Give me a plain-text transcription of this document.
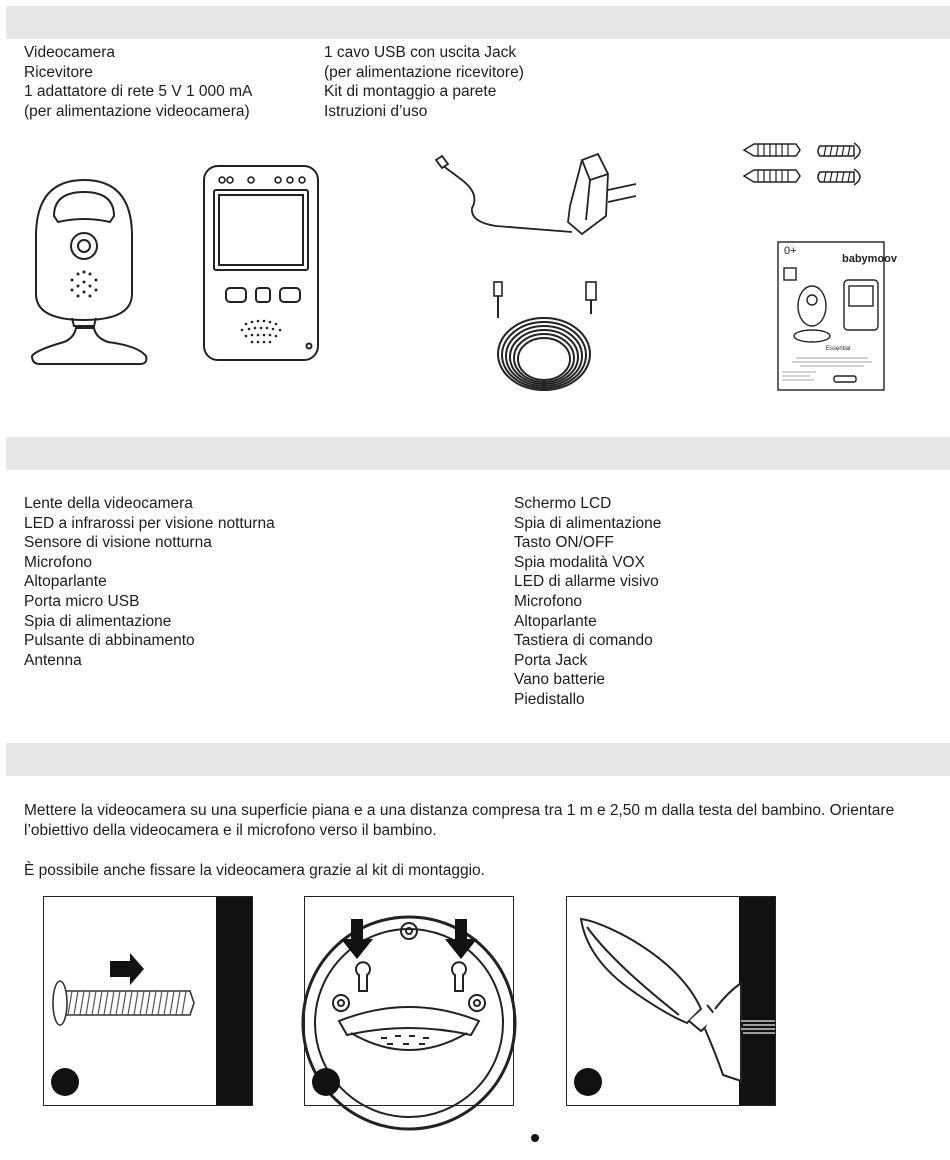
Videocamera
Ricevitore
1 adattatore di rete 5 V 1 000 mA
(per alimentazione videocamera)
1 cavo USB con uscita Jack
(per alimentazione ricevitore)
Kit di montaggio a parete
Istruzioni d’uso
0+
babymoov
Essential
Lente della videocamera
LED a infrarossi per visione notturna
Sensore di visione notturna
Microfono
Altoparlante
Porta micro USB
Spia di alimentazione
Pulsante di abbinamento
Antenna
Schermo LCD
Spia di alimentazione
Tasto ON/OFF
Spia modalità VOX
LED di allarme visivo
Microfono
Altoparlante
Tastiera di comando
Porta Jack
Vano batterie
Piedistallo
Mettere la videocamera su una superficie piana e a una distanza compresa tra 1 m e 2,50 m dalla testa del bambino. Orientare l’obiettivo della videocamera e il microfono verso il bambino.
È possibile anche fissare la videocamera grazie al kit di montaggio.
